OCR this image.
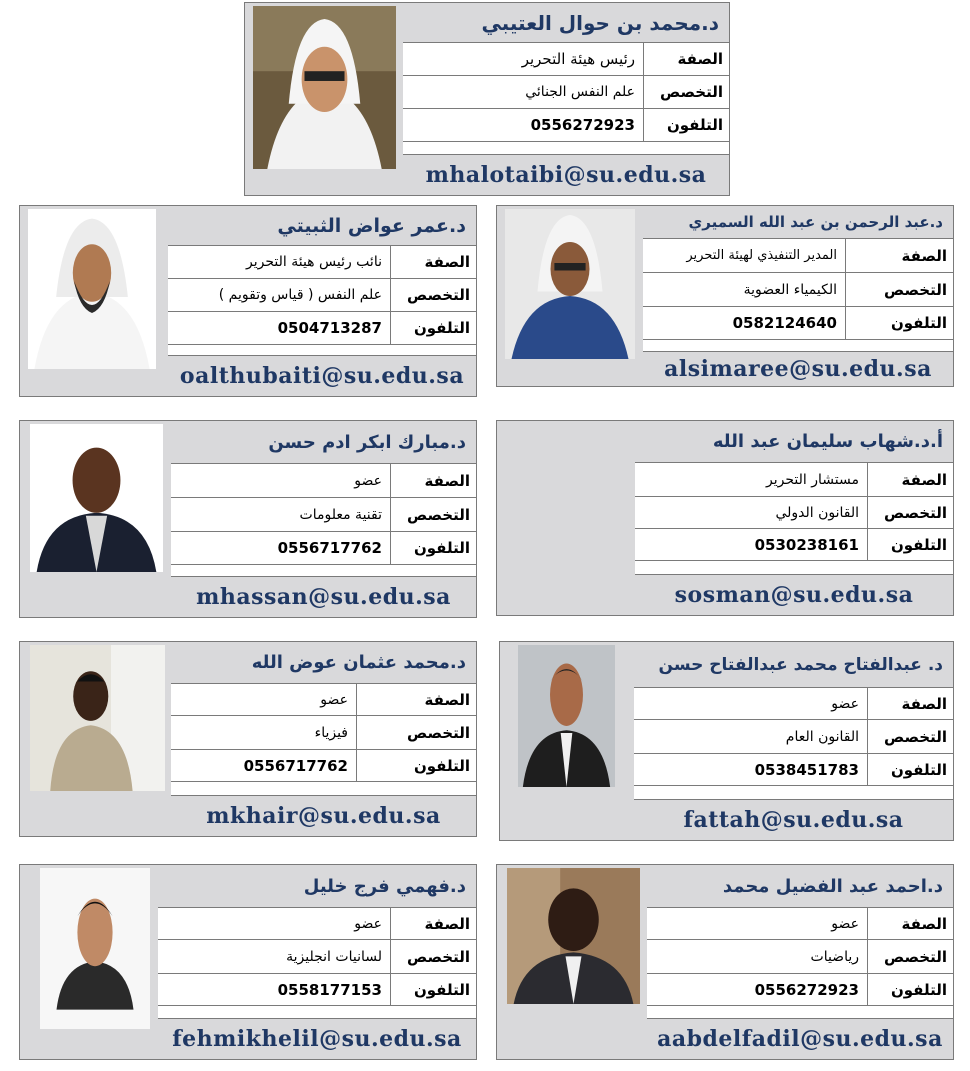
د.محمد بن حوال العتيبي
الصفة
رئيس هيئة التحرير
التخصص
علم النفس الجنائي
التلفون
0556272923
mhalotaibi@su.edu.sa
د.عمر عواض الثبيتي
الصفة
نائب رئيس هيئة التحرير
التخصص
علم النفس ( قياس وتقويم )
التلفون
0504713287
oalthubaiti@su.edu.sa
د.عبد الرحمن بن عبد الله السميري
الصفة
المدير التنفيذي لهيئة التحرير
التخصص
الكيمياء العضوية
التلفون
0582124640
alsimaree@su.edu.sa
د.مبارك ابكر ادم حسن
الصفة
عضو
التخصص
تقنية معلومات
التلفون
0556717762
mhassan@su.edu.sa
أ.د.شهاب سليمان عبد الله
الصفة
مستشار التحرير
التخصص
القانون الدولي
التلفون
0530238161
sosman@su.edu.sa
د.محمد عثمان عوض الله
الصفة
عضو
التخصص
فيزياء
التلفون
0556717762
mkhair@su.edu.sa
د. عبدالفتاح محمد عبدالفتاح حسن
الصفة
عضو
التخصص
القانون العام
التلفون
0538451783
fattah@su.edu.sa
د.فهمي فرج خليل
الصفة
عضو
التخصص
لسانيات انجليزية
التلفون
0558177153
fehmikhelil@su.edu.sa
د.احمد عبد الفضيل محمد
الصفة
عضو
التخصص
رياضيات
التلفون
0556272923
aabdelfadil@su.edu.sa
